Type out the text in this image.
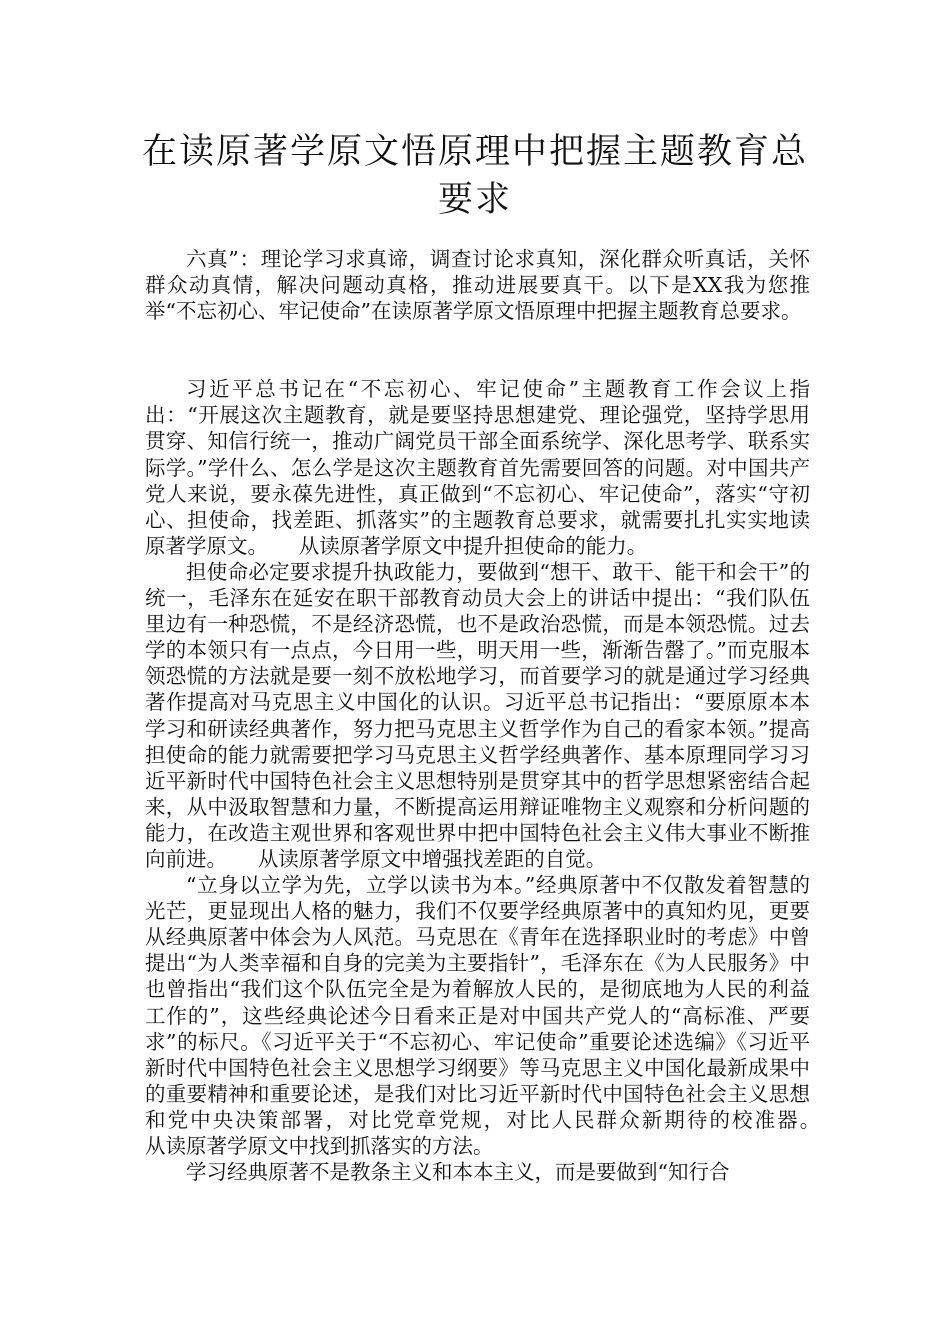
在读原著学原文悟原理中把握主题教育总
要求

六真”：理论学习求真谛，调查讨论求真知，深化群众听真话，关怀群众动真情，解决问题动真格，推动进展要真干。以下是XX我为您推举“不忘初心、牢记使命”在读原著学原文悟原理中把握主题教育总要求。

习近平总书记在“不忘初心、牢记使命”主题教育工作会议上指出：“开展这次主题教育，就是要坚持思想建党、理论强党，坚持学思用贯穿、知信行统一，推动广阔党员干部全面系统学、深化思考学、联系实际学。”学什么、怎么学是这次主题教育首先需要回答的问题。对中国共产党人来说，要永葆先进性，真正做到“不忘初心、牢记使命”，落实“守初心、担使命，找差距、抓落实”的主题教育总要求，就需要扎扎实实地读原著学原文。　　从读原著学原文中提升担使命的能力。

担使命必定要求提升执政能力，要做到“想干、敢干、能干和会干”的统一，毛泽东在延安在职干部教育动员大会上的讲话中提出：“我们队伍里边有一种恐慌，不是经济恐慌，也不是政治恐慌，而是本领恐慌。过去学的本领只有一点点，今日用一些，明天用一些，渐渐告罄了。”而克服本领恐慌的方法就是要一刻不放松地学习，而首要学习的就是通过学习经典著作提高对马克思主义中国化的认识。习近平总书记指出：“要原原本本学习和研读经典著作，努力把马克思主义哲学作为自己的看家本领。”提高担使命的能力就需要把学习马克思主义哲学经典著作、基本原理同学习习近平新时代中国特色社会主义思想特别是贯穿其中的哲学思想紧密结合起来，从中汲取智慧和力量，不断提高运用辩证唯物主义观察和分析问题的能力，在改造主观世界和客观世界中把中国特色社会主义伟大事业不断推向前进。　　从读原著学原文中增强找差距的自觉。

“立身以立学为先，立学以读书为本。”经典原著中不仅散发着智慧的光芒，更显现出人格的魅力，我们不仅要学经典原著中的真知灼见，更要从经典原著中体会为人风范。马克思在《青年在选择职业时的考虑》中曾提出“为人类幸福和自身的完美为主要指针”，毛泽东在《为人民服务》中也曾指出“我们这个队伍完全是为着解放人民的，是彻底地为人民的利益工作的”，这些经典论述今日看来正是对中国共产党人的“高标准、严要求”的标尺。《习近平关于“不忘初心、牢记使命”重要论述选编》《习近平新时代中国特色社会主义思想学习纲要》等马克思主义中国化最新成果中的重要精神和重要论述，是我们对比习近平新时代中国特色社会主义思想和党中央决策部署，对比党章党规，对比人民群众新期待的校准器。　　从读原著学原文中找到抓落实的方法。

学习经典原著不是教条主义和本本主义，而是要做到“知行合
